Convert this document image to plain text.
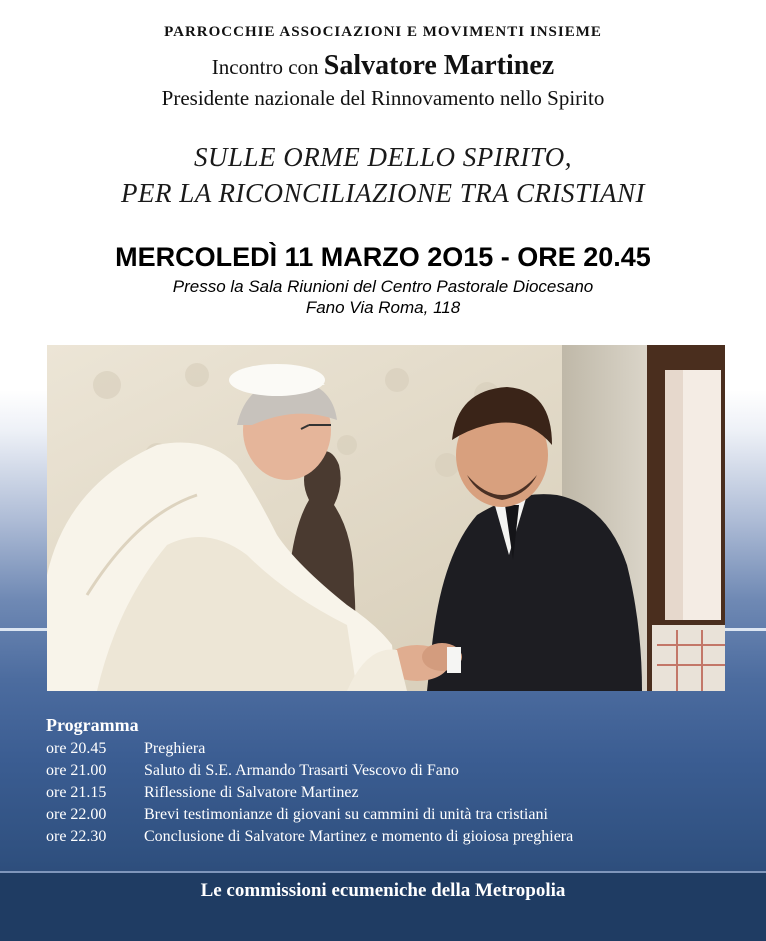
PARROCCHIE ASSOCIAZIONI E MOVIMENTI INSIEME
Incontro con Salvatore Martinez
Presidente nazionale del Rinnovamento nello Spirito
SULLE ORME DELLO SPIRITO,
PER LA RICONCILIAZIONE TRA CRISTIANI
MERCOLEDÌ 11 MARZO 2O15 - ORE 20.45
Presso la Sala Riunioni del Centro Pastorale Diocesano
Fano Via Roma, 118
Programma
ore 20.45 Preghiera
ore 21.00 Saluto di S.E. Armando Trasarti Vescovo di Fano
ore 21.15 Riflessione di Salvatore Martinez
ore 22.00 Brevi testimonianze di giovani su cammini di unità tra cristiani
ore 22.30 Conclusione di Salvatore Martinez e momento di gioiosa preghiera
Le commissioni ecumeniche della Metropolia
